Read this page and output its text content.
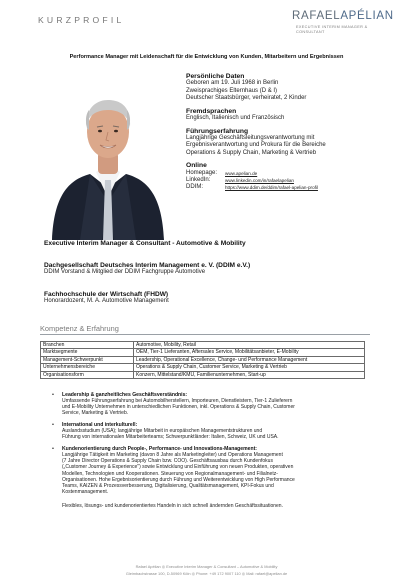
KURZPROFIL	RAFAELAPÉLIAN
EXECUTIVE INTERIM MANAGER &
CONSULTANT
Performance Manager mit Leidenschaft für die Entwicklung von Kunden, Mitarbeitern und Ergebnissen
Persönliche Daten
Geboren am 19. Juli 1968 in Berlin
Zweisprachiges Elternhaus (D & I)
Deutscher Staatsbürger, verheiratet, 2 Kinder
Fremdsprachen
Englisch, Italienisch und Französisch
Führungserfahrung
Langjährige Geschäftsleitungsverantwortung mit
Ergebnisverantwortung und Prokura für die Bereiche
Operations & Supply Chain, Marketing & Vertrieb
Online
Homepage:	www.apelian.de
LinkedIn:	www.linkedin.com/in/rafaelapelian
DDIM:	https://www.ddim.de/ddim/rafael-apelian-profil
Executive Interim Manager & Consultant - Automotive & Mobility
Dachgesellschaft Deutsches Interim Management e. V. (DDIM e.V.)
DDIM Vorstand & Mitglied der DDIM Fachgruppe Automotive
Fachhochschule der Wirtschaft (FHDW)
Honorardozent, M. A. Automotive Management
Kompetenz & Erfahrung
Branchen	Automotive, Mobility, Retail
Marktsegmente	OEM, Tier-1 Lieferanten, Aftersales Service, Mobilitätsanbieter, E-Mobility
Management-Schwerpunkt	Leadership, Operational Excellence, Change- und Performance Management
Unternehmensbereiche	Operations & Supply Chain, Customer Service, Marketing & Vertrieb
Organisationsform	Konzern, Mittelstand/KMU, Familienunternehmen, Start-up
• Leadership & ganzheitliches Geschäftsverständnis:
Umfassende Führungserfahrung bei Automobilherstellern, Importeuren, Dienstleistern, Tier-1 Zulieferern
und E-Mobility Unternehmen in unterschiedlichen Funktionen, inkl. Operations & Supply Chain, Customer
Service, Marketing & Vertrieb.
• International und interkulturell:
Auslandsstudium (USA); langjährige Mitarbeit in europäischen Managementstrukturen und
Führung von internationalen Mitarbeiterteams; Schwerpunktländer: Italien, Schweiz, UK und USA.
• Kundenorientierung durch People-, Performance- und Innovations-Management:
Langjährige Tätigkeit im Marketing (davon 8 Jahre als Marketingleiter) und Operations Management
(7 Jahre Director Operations & Supply Chain bzw. COO). Geschäftsausbau durch Kundenfokus
(„Customer Journey & Experience") sowie Entwicklung und Einführung von neuen Produkten, operativen
Modellen, Technologien und Kooperationen. Steuerung von Regionalmanagement- und Filialnetz-
Organisationen. Hohe Ergebnisorientierung durch Führung und Weiterentwicklung von High Performance
Teams, KAIZEN & Prozessverbesserung, Digitalisierung, Qualitätsmanagement, KPI-Fokus und
Kostenmanagement.
Flexibles, lösungs- und kundenorientiertes Handeln in sich schnell ändernden Geschäftssituationen.
Rafael Apélian ◎ Executive Interim Manager & Consultant – Automotive & Mobility
Gleimbachstrasse 100, D-50969 Köln ◎ Phone: +49 172 9007 110 ◎ Mail: rafael@apelian.de
